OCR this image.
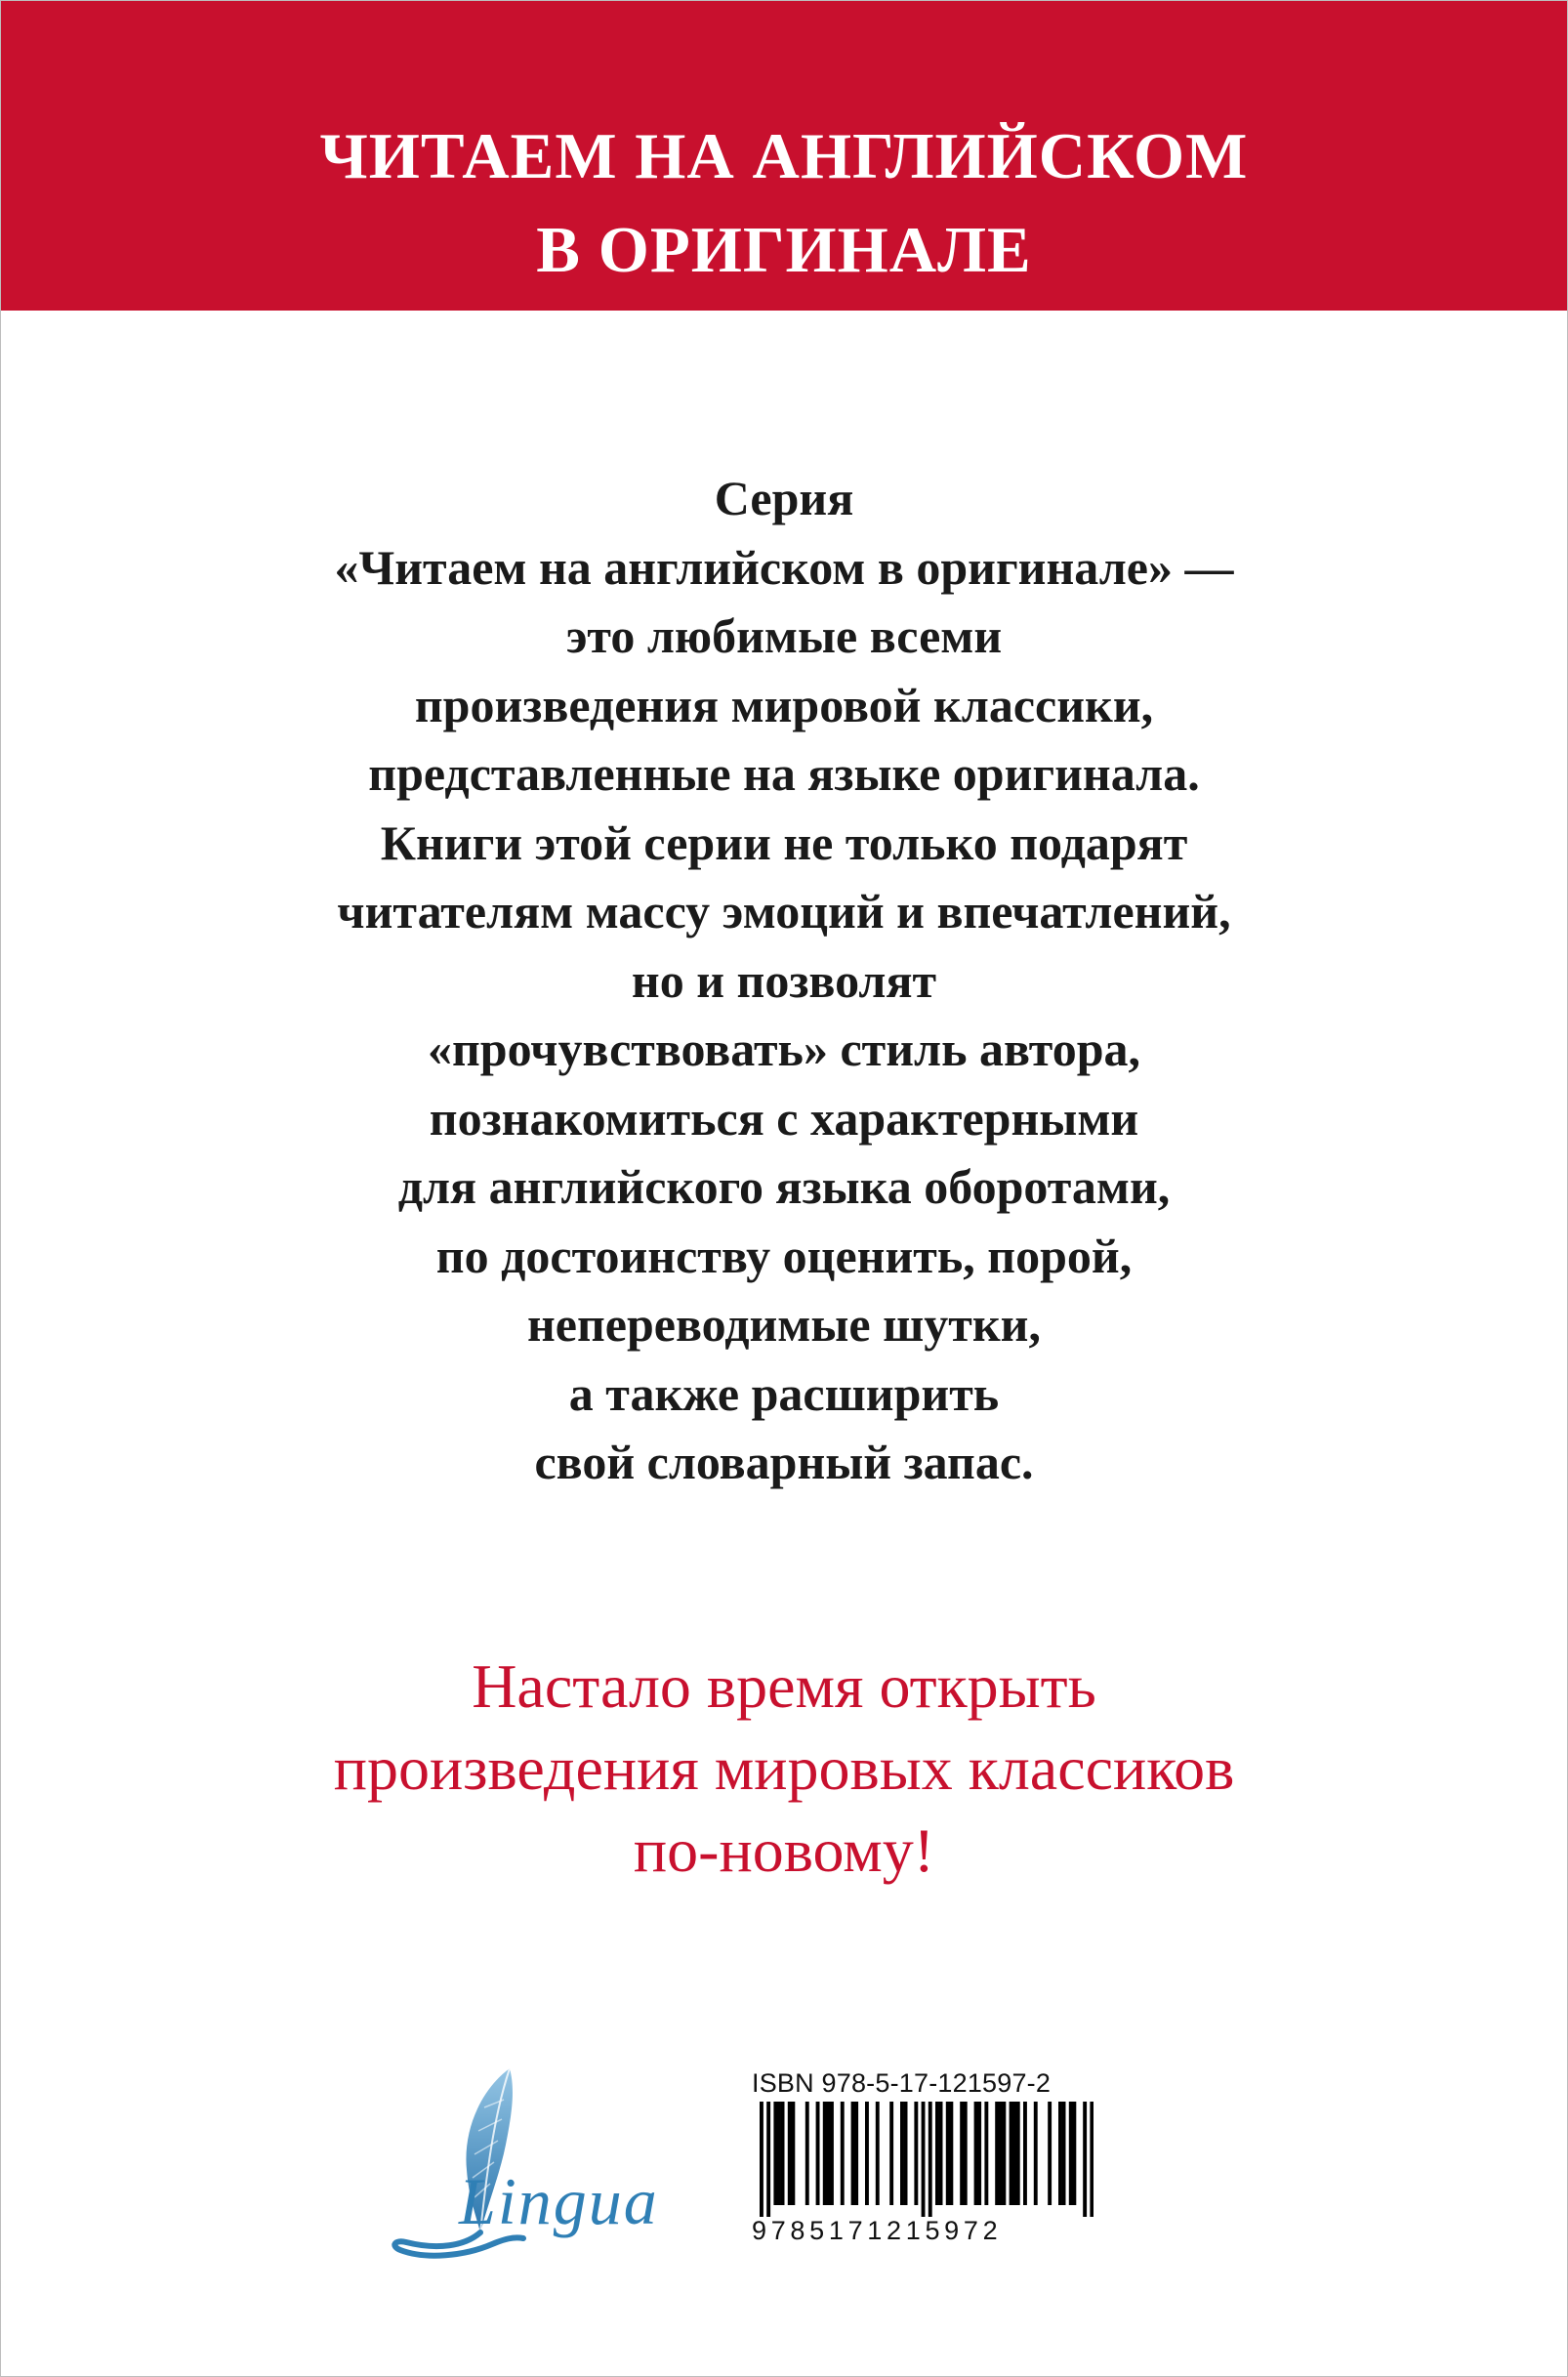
ЧИТАЕМ НА АНГЛИЙСКОМ
В ОРИГИНАЛЕ
Серия
«Читаем на английском в оригинале» —
это любимые всеми
произведения мировой классики,
представленные на языке оригинала.
Книги этой серии не только подарят
читателям массу эмоций и впечатлений,
но и позволят
«прочувствовать» стиль автора,
познакомиться с характерными
для английского языка оборотами,
по достоинству оценить, порой,
непереводимые шутки,
а также расширить
свой словарный запас.
Настало время открыть
произведения мировых классиков
по-новому!
Lingua
ISBN 978-5-17-121597-2
9785171215972
